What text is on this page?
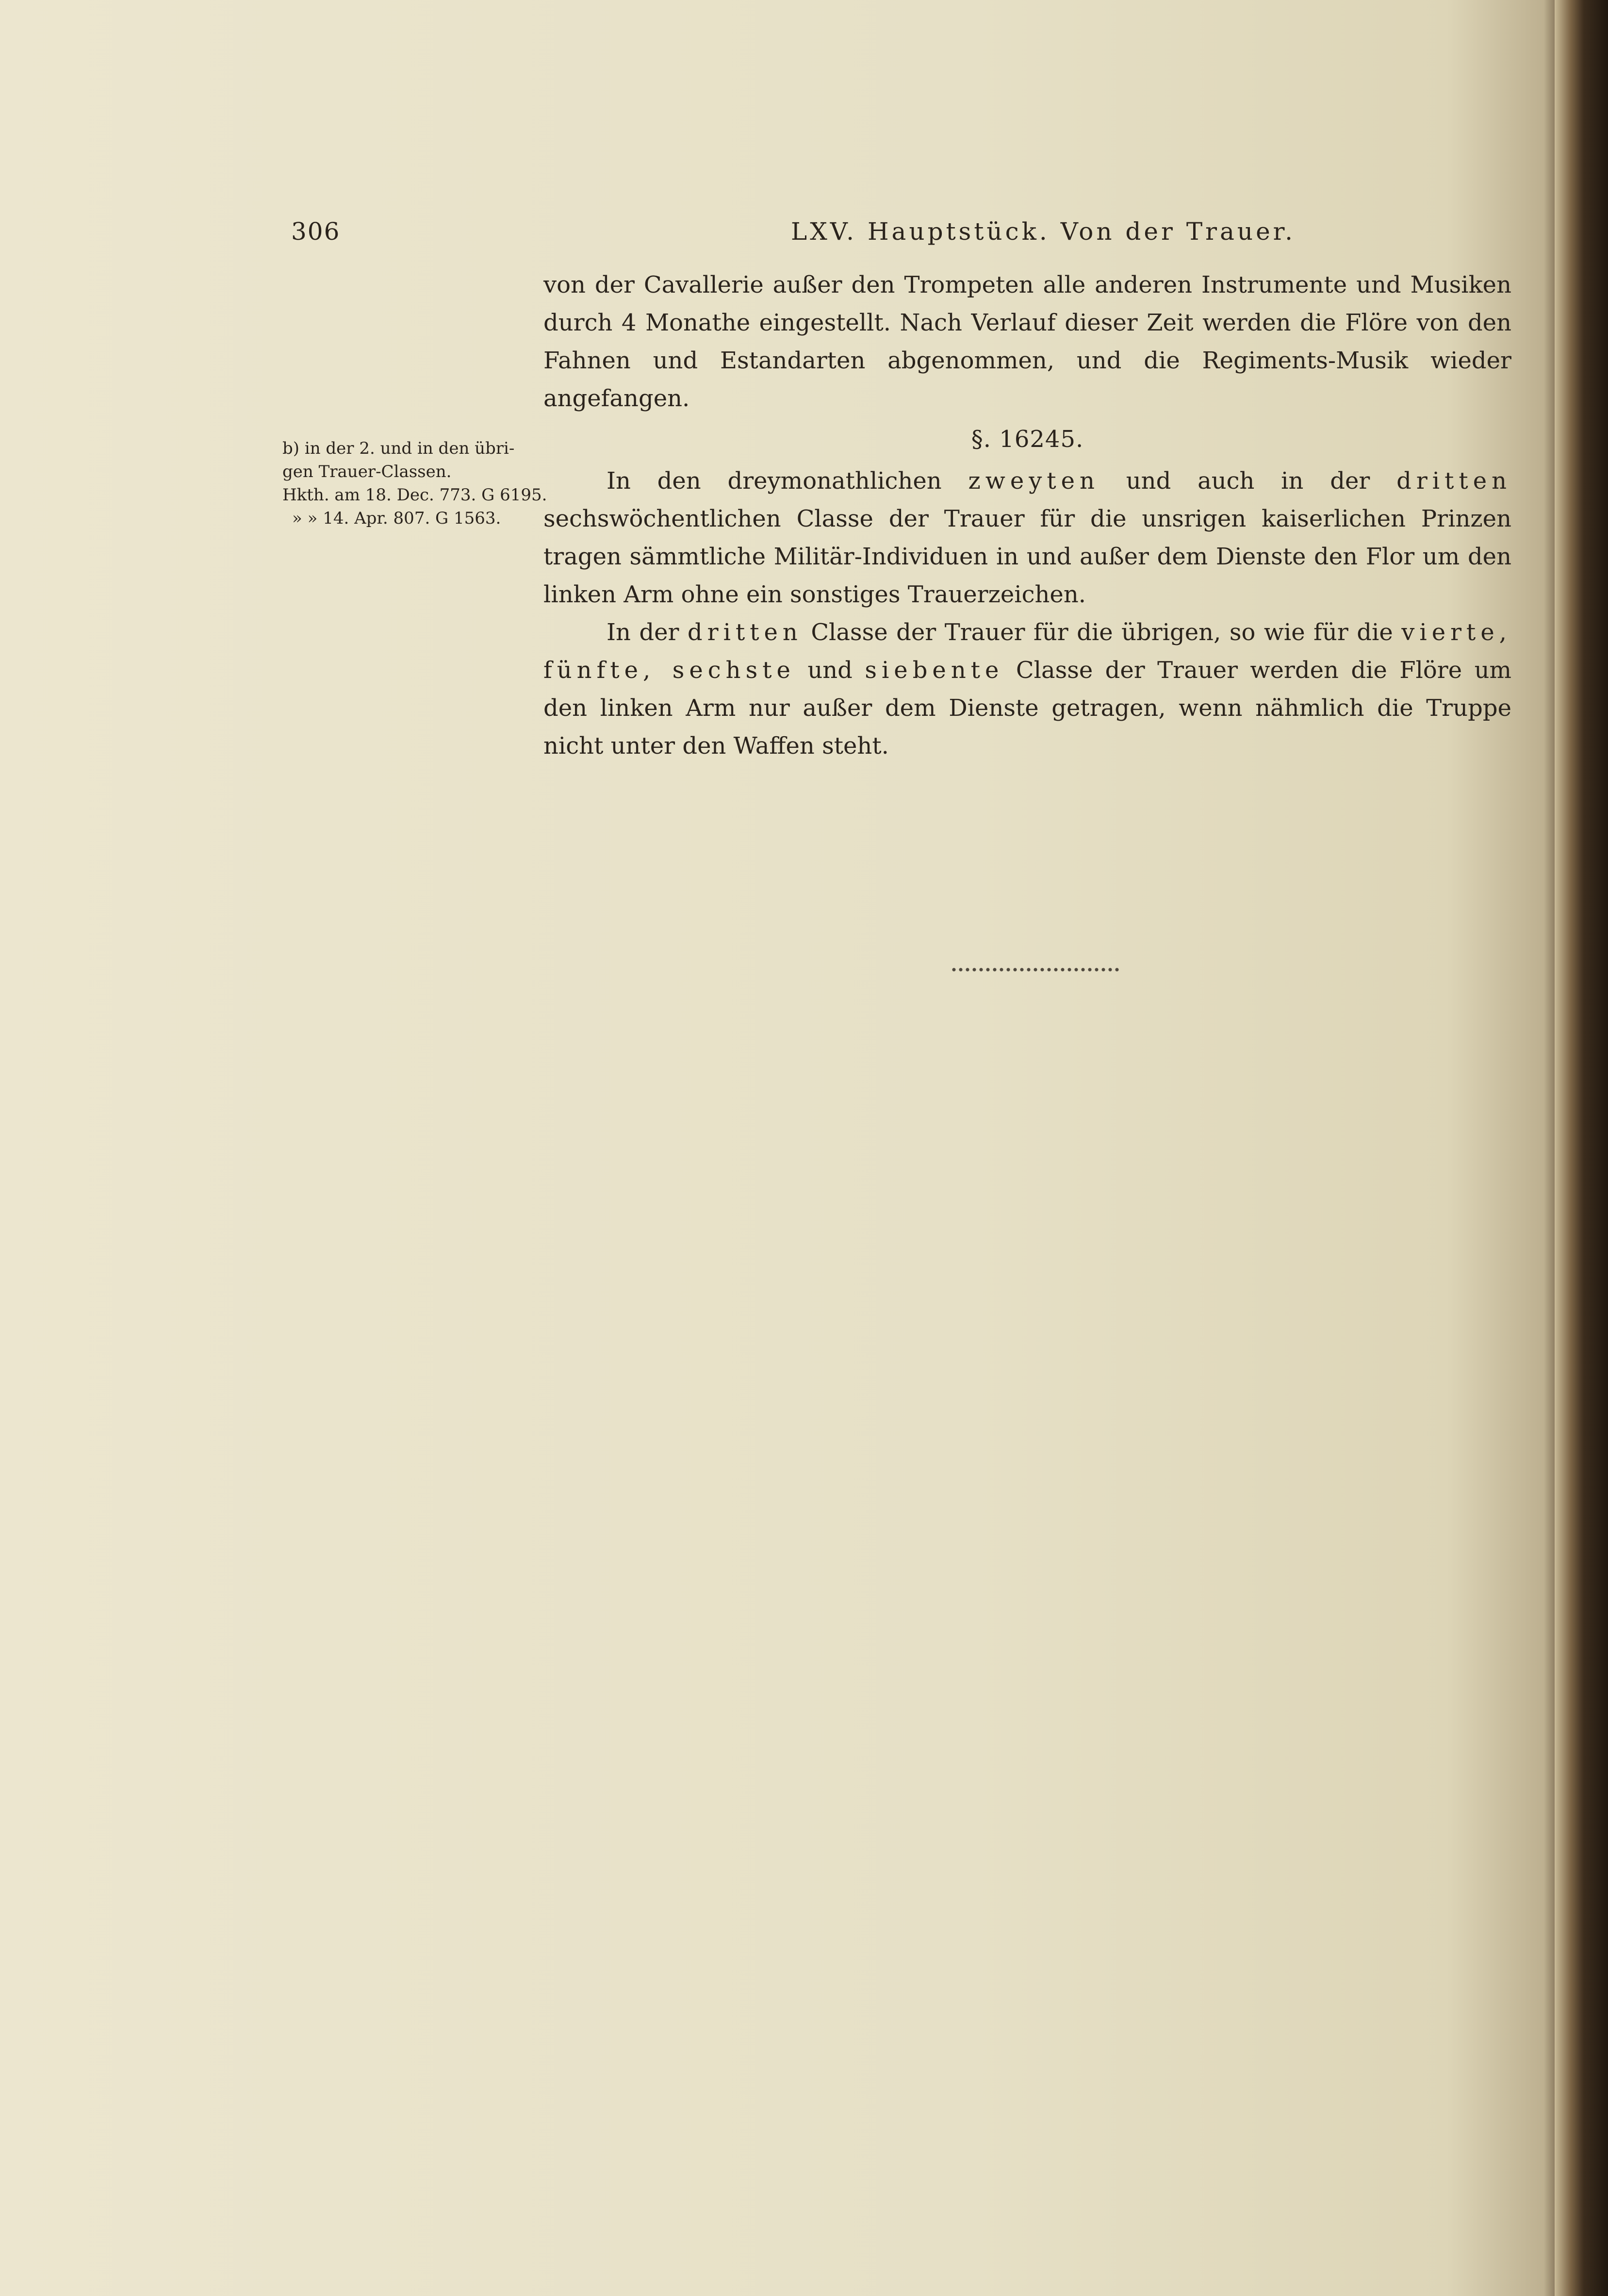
306	LXV. Hauptstück. Von der Trauer.
b) in der 2. und in den übri-
gen Trauer-Classen.
Hkth. am 18. Dec. 773. G 6195.
» » 14. Apr. 807. G 1563.

von der Cavallerie außer den Trompeten alle anderen Instrumente und Musiken durch 4 Monathe eingestellt. Nach Verlauf dieser Zeit werden die Flöre von den Fahnen und Estandarten abgenommen, und die Regiments-Musik wieder angefangen.

§. 16245.

In den dreymonathlichen zweyten und auch in der dritten sechswöchentlichen Classe der Trauer für die unsrigen kaiserlichen Prinzen tragen sämmtliche Militär-Individuen in und außer dem Dienste den Flor um den linken Arm ohne ein sonstiges Trauerzeichen.

In der dritten Classe der Trauer für die übrigen, so wie für die vierte, fünfte, sechste und siebente Classe der Trauer werden die Flöre um den linken Arm nur außer dem Dienste getragen, wenn nähmlich die Truppe nicht unter den Waffen steht.
